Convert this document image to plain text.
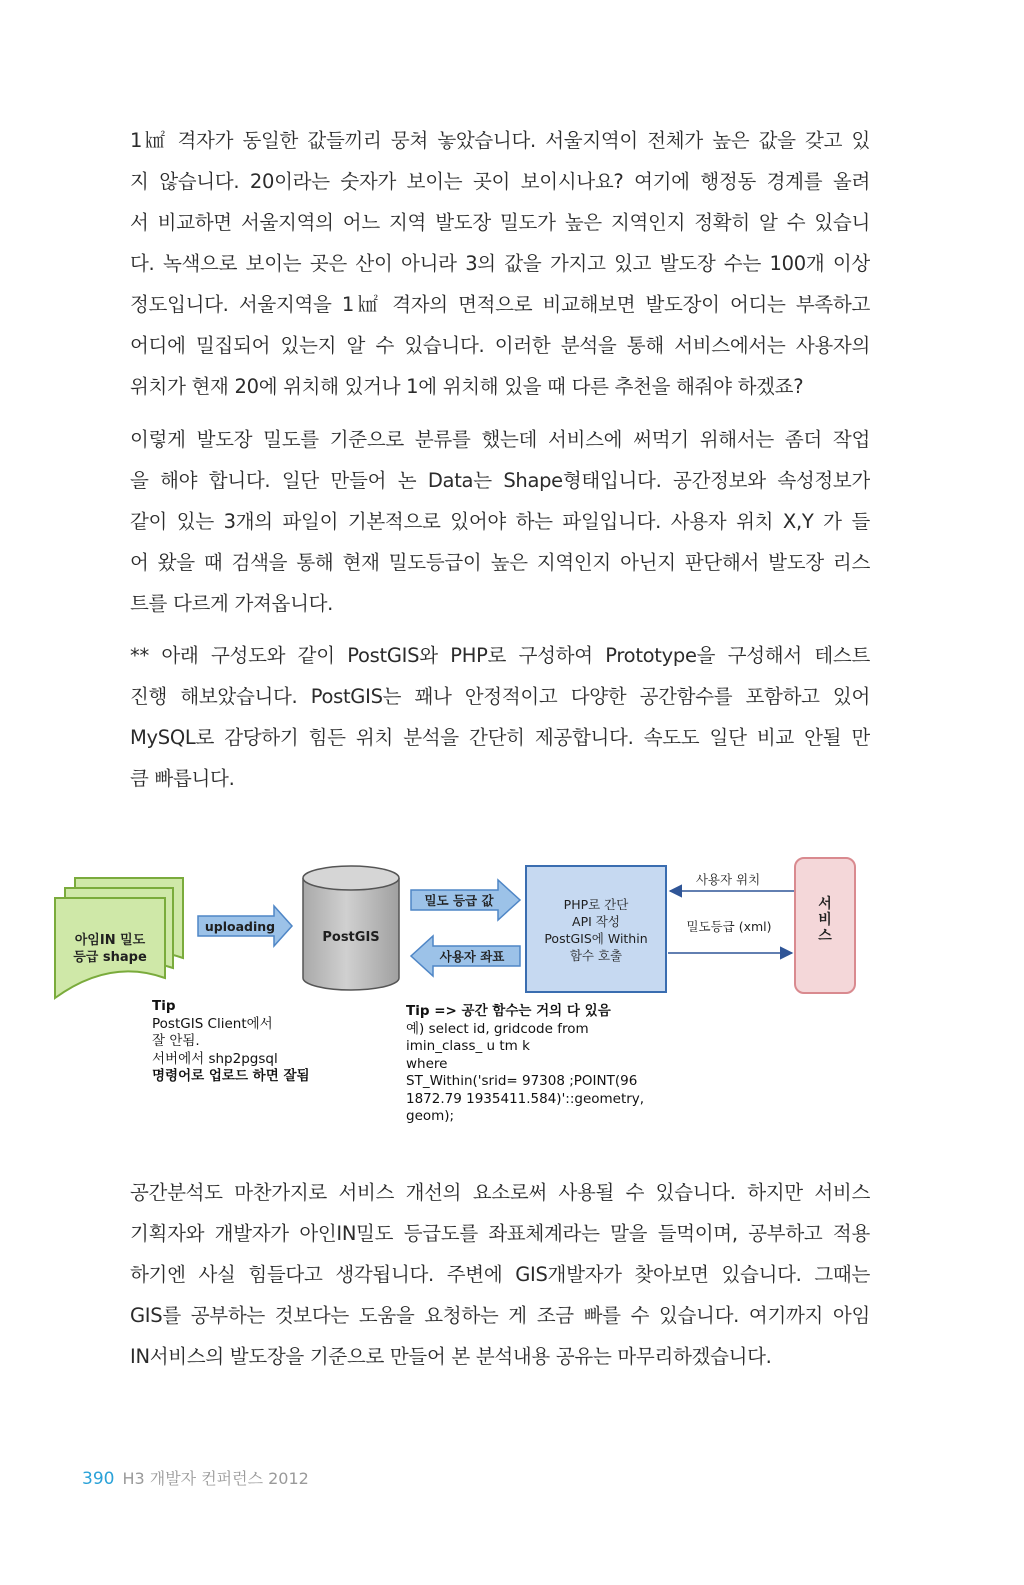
1㎢ 격자가 동일한 값들끼리 뭉쳐 놓았습니다. 서울지역이 전체가 높은 값을 갖고 있
지 않습니다. 20이라는 숫자가 보이는 곳이 보이시나요? 여기에 행정동 경계를 올려
서 비교하면 서울지역의 어느 지역 발도장 밀도가 높은 지역인지 정확히 알 수 있습니
다. 녹색으로 보이는 곳은 산이 아니라 3의 값을 가지고 있고 발도장 수는 100개 이상
정도입니다. 서울지역을 1㎢ 격자의 면적으로 비교해보면 발도장이 어디는 부족하고
어디에 밀집되어 있는지 알 수 있습니다. 이러한 분석을 통해 서비스에서는 사용자의
위치가 현재 20에 위치해 있거나 1에 위치해 있을 때 다른 추천을 해줘야 하겠죠?
이렇게 발도장 밀도를 기준으로 분류를 했는데 서비스에 써먹기 위해서는 좀더 작업
을 해야 합니다. 일단 만들어 논 Data는 Shape형태입니다. 공간정보와 속성정보가
같이 있는 3개의 파일이 기본적으로 있어야 하는 파일입니다. 사용자 위치 X,Y 가 들
어 왔을 때 검색을 통해 현재 밀도등급이 높은 지역인지 아닌지 판단해서 발도장 리스
트를 다르게 가져옵니다.
** 아래 구성도와 같이 PostGIS와 PHP로 구성하여 Prototype을 구성해서 테스트
진행 해보았습니다. PostGIS는 꽤나 안정적이고 다양한 공간함수를 포함하고 있어
MySQL로 감당하기 힘든 위치 분석을 간단히 제공합니다. 속도도 일단 비교 안될 만
큼 빠릅니다.
아임IN 밀도
등급 shape
uploading
PostGIS
밀도 등급 값
사용자 좌표
PHP로 간단
API 작성
PostGIS에 Within
함수 호출
사용자 위치
밀도등급 (xml)
서
비
스
Tip
PostGIS Client에서
잘 안됨.
서버에서 shp2pgsql
명령어로 업로드 하면 잘됨
Tip => 공간 함수는 거의 다 있음
예) select id, gridcode from
imin_class_ u tm k
where
ST_Within('srid= 97308 ;POINT(96
1872.79 1935411.584)'::geometry,
geom);
공간분석도 마찬가지로 서비스 개선의 요소로써 사용될 수 있습니다. 하지만 서비스
기획자와 개발자가 아인IN밀도 등급도를 좌표체계라는 말을 들먹이며, 공부하고 적용
하기엔 사실 힘들다고 생각됩니다. 주변에 GIS개발자가 찾아보면 있습니다. 그때는
GIS를 공부하는 것보다는 도움을 요청하는 게 조금 빠를 수 있습니다. 여기까지 아임
IN서비스의 발도장을 기준으로 만들어 본 분석내용 공유는 마무리하겠습니다.
390 H3 개발자 컨퍼런스 2012
